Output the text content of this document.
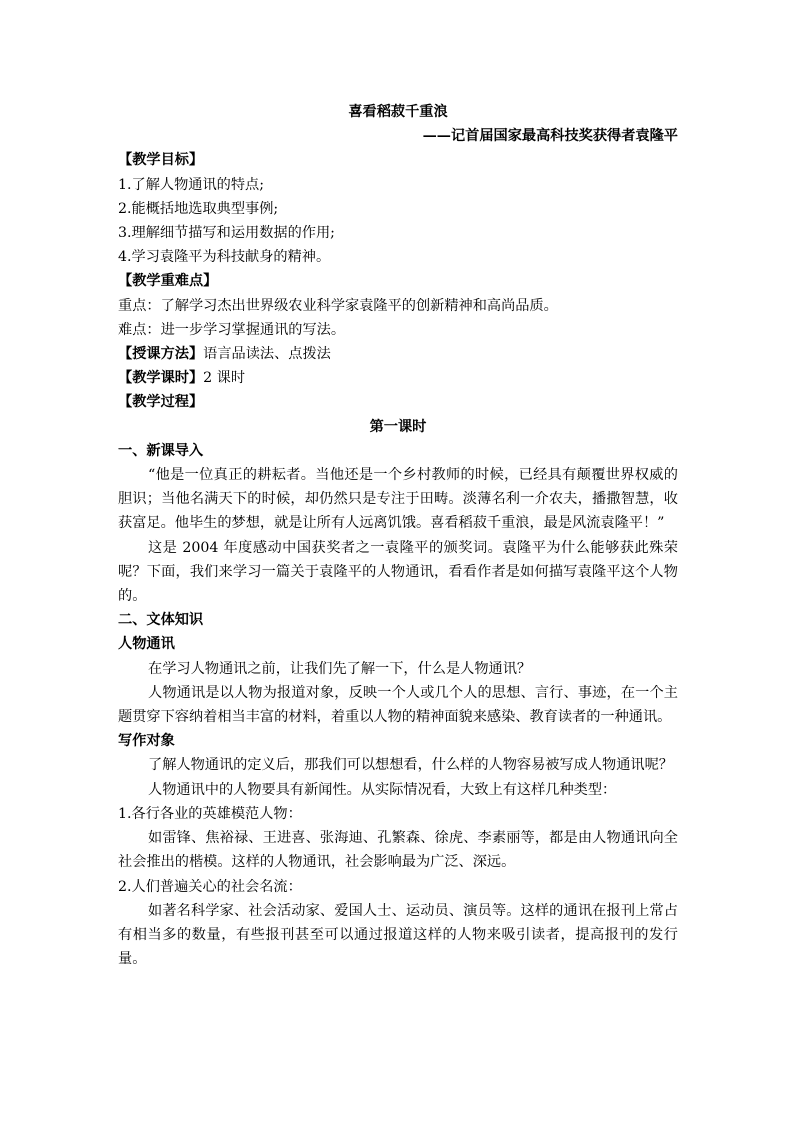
喜看稻菽千重浪

——记首届国家最高科技奖获得者袁隆平

【教学目标】

1.了解人物通讯的特点;

2.能概括地选取典型事例;

3.理解细节描写和运用数据的作用;

4.学习袁隆平为科技献身的精神。

【教学重难点】

重点：了解学习杰出世界级农业科学家袁隆平的创新精神和高尚品质。

难点：进一步学习掌握通讯的写法。

【授课方法】语言品读法、点拨法

【教学课时】2 课时

【教学过程】

第一课时

一、新课导入

“他是一位真正的耕耘者。当他还是一个乡村教师的时候，已经具有颠覆世界权威的胆识；当他名满天下的时候，却仍然只是专注于田畴。淡薄名利一介农夫，播撒智慧，收获富足。他毕生的梦想，就是让所有人远离饥饿。喜看稻菽千重浪，最是风流袁隆平！”

这是 2004 年度感动中国获奖者之一袁隆平的颁奖词。袁隆平为什么能够获此殊荣呢？下面，我们来学习一篇关于袁隆平的人物通讯，看看作者是如何描写袁隆平这个人物的。

二、文体知识

人物通讯

在学习人物通讯之前，让我们先了解一下，什么是人物通讯？

人物通讯是以人物为报道对象，反映一个人或几个人的思想、言行、事迹，在一个主题贯穿下容纳着相当丰富的材料，着重以人物的精神面貌来感染、教育读者的一种通讯。

写作对象

了解人物通讯的定义后，那我们可以想想看，什么样的人物容易被写成人物通讯呢？

人物通讯中的人物要具有新闻性。从实际情况看，大致上有这样几种类型：

1.各行各业的英雄模范人物：

如雷锋、焦裕禄、王进喜、张海迪、孔繁森、徐虎、李素丽等，都是由人物通讯向全社会推出的楷模。这样的人物通讯，社会影响最为广泛、深远。

2.人们普遍关心的社会名流：

如著名科学家、社会活动家、爱国人士、运动员、演员等。这样的通讯在报刊上常占有相当多的数量，有些报刊甚至可以通过报道这样的人物来吸引读者，提高报刊的发行量。
